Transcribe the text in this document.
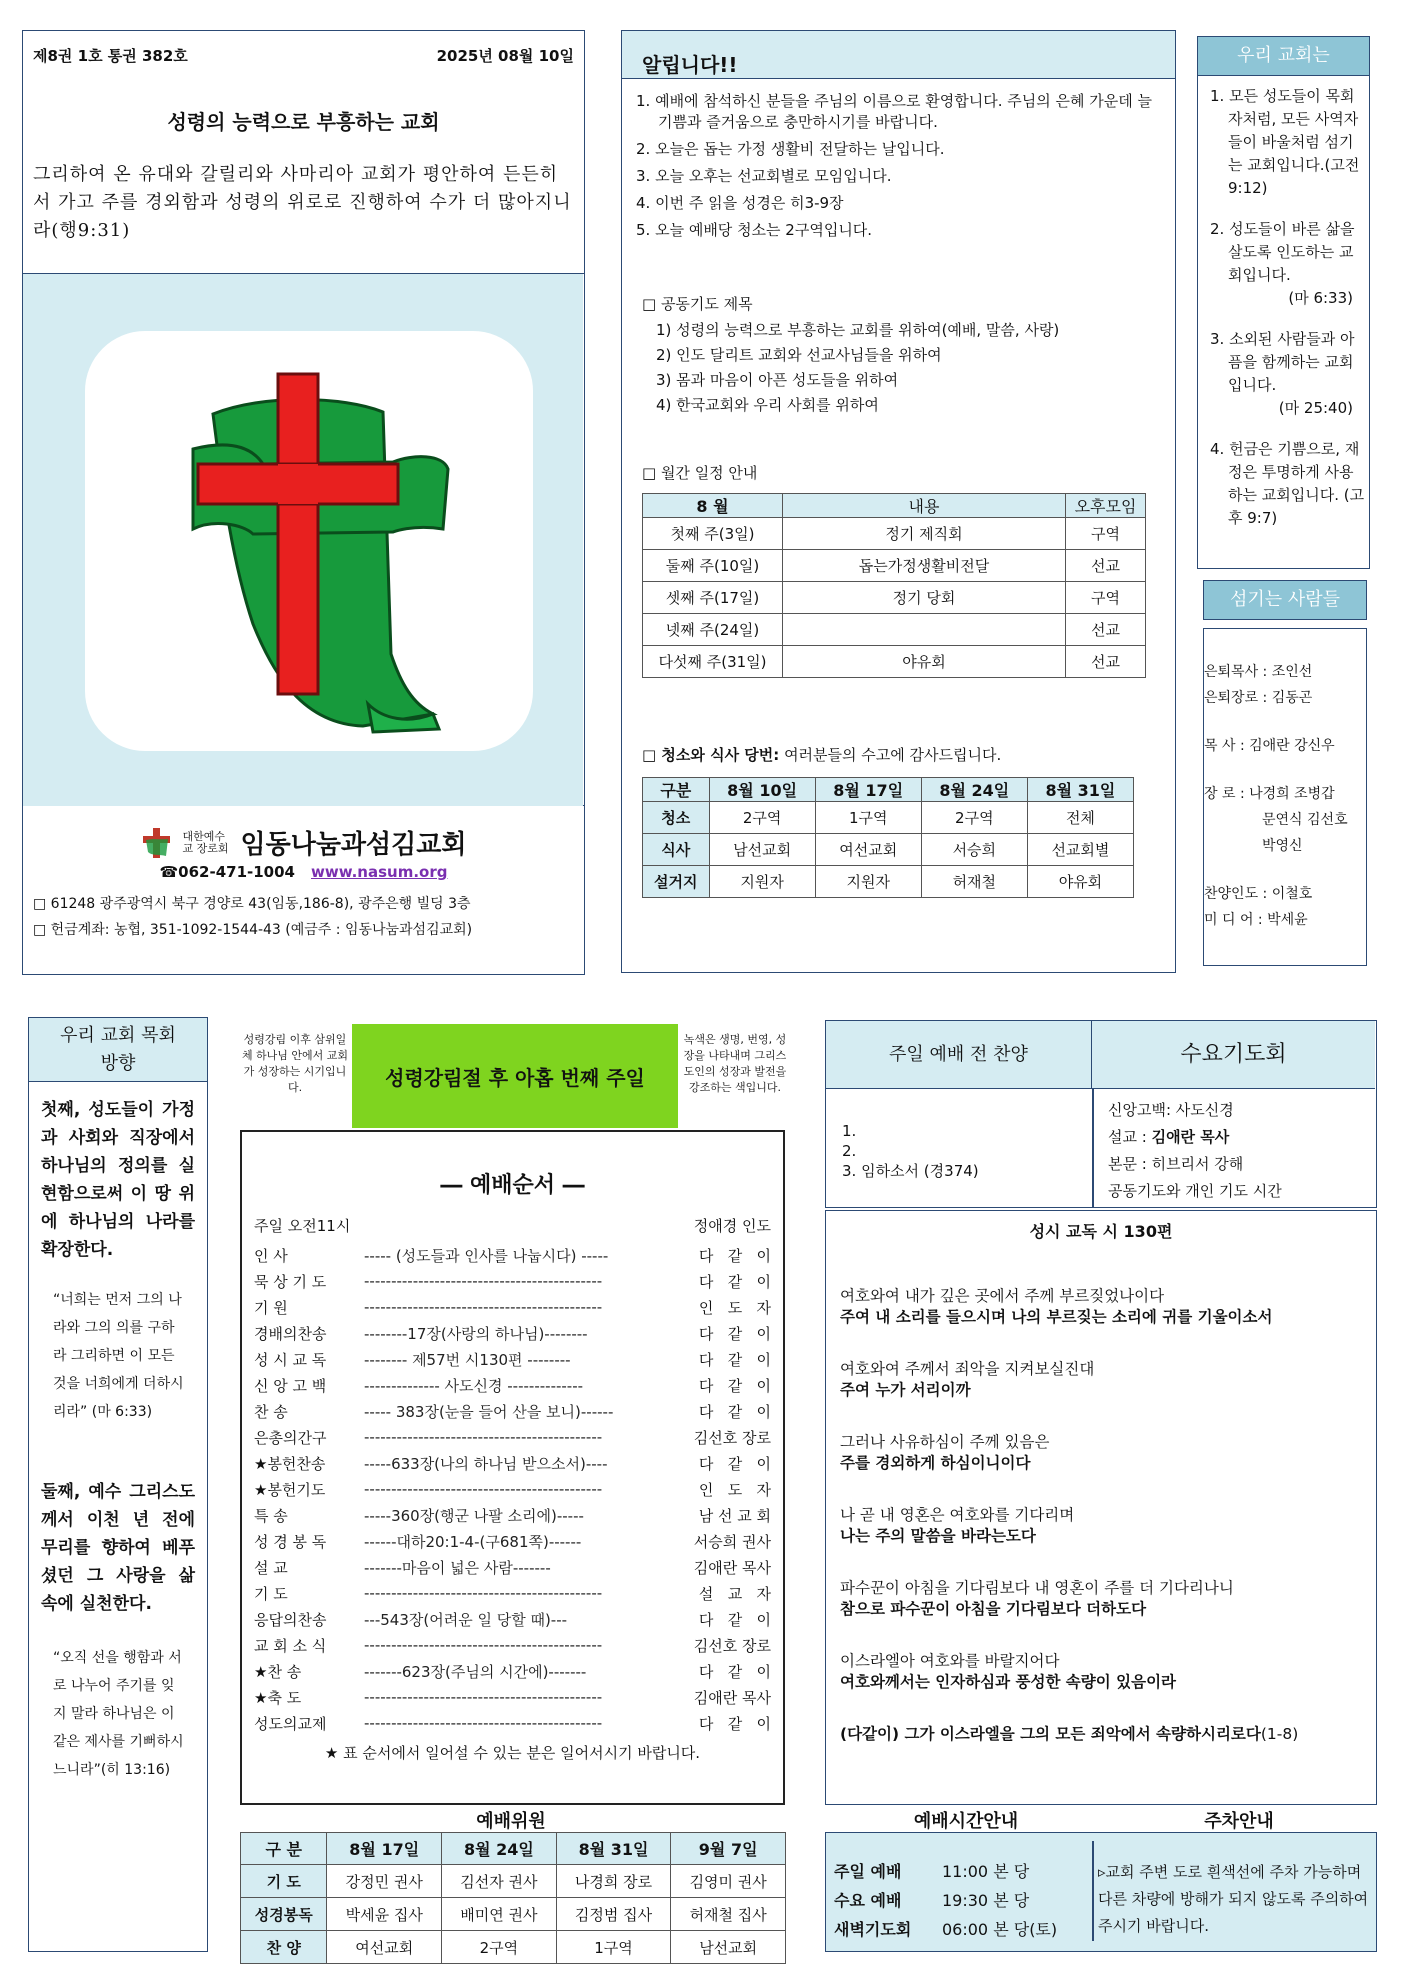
제8권 1호 통권 382호	2025년 08월 10일
성령의 능력으로 부흥하는 교회
그리하여 온 유대와 갈릴리와 사마리아 교회가 평안하여 든든히 서 가고 주를 경외함과 성령의 위로로 진행하여 수가 더 많아지니라(행9:31)
대한예수교 장로회 임동나눔과섬김교회
☎062-471-1004 www.nasum.org
□ 61248 광주광역시 북구 경양로 43(임동,186-8), 광주은행 빌딩 3층
□ 헌금계좌: 농협, 351-1092-1544-43 (예금주 : 임동나눔과섬김교회)
알립니다!!
1. 예배에 참석하신 분들을 주님의 이름으로 환영합니다. 주님의 은혜 가운데 늘 기쁨과 즐거움으로 충만하시기를 바랍니다.
2. 오늘은 돕는 가정 생활비 전달하는 날입니다.
3. 오늘 오후는 선교회별로 모임입니다.
4. 이번 주 읽을 성경은 히3-9장
5. 오늘 예배당 청소는 2구역입니다.
□ 공동기도 제목
1) 성령의 능력으로 부흥하는 교회를 위하여(예배, 말씀, 사랑)
2) 인도 달리트 교회와 선교사님들을 위하여
3) 몸과 마음이 아픈 성도들을 위하여
4) 한국교회와 우리 사회를 위하여
□ 월간 일정 안내
8 월	내용	오후모임
첫째 주(3일)	정기 제직회	구역
둘째 주(10일)	돕는가정생활비전달	선교
셋째 주(17일)	정기 당회	구역
넷째 주(24일)		선교
다섯째 주(31일)	야유회	선교
□ 청소와 식사 당번: 여러분들의 수고에 감사드립니다.
구분	8월 10일	8월 17일	8월 24일	8월 31일
청소	2구역	1구역	2구역	전체
식사	남선교회	여선교회	서승희	선교회별
설거지	지원자	지원자	허재철	야유회
1. 모든 성도들이 목회자처럼, 모든 사역자들이 바울처럼 섬기는 교회입니다.(고전 9:12)
2. 성도들이 바른 삶을 살도록 인도하는 교회입니다.
(마 6:33)
3. 소외된 사람들과 아픔을 함께하는 교회입니다.
(마 25:40)
4. 헌금은 기쁨으로, 재정은 투명하게 사용하는 교회입니다. (고후 9:7)
우리 교회는
섬기는 사람들
은퇴목사 : 조인선
은퇴장로 : 김동곤
목 사 : 김애란 강신우
장 로 : 나경희 조병갑
문연식 김선호
박영신
찬양인도 : 이철호
미 디 어 : 박세윤
우리 교회 목회 방향
첫째, 성도들이 가정과 사회와 직장에서 하나님의 정의를 실현함으로써 이 땅 위에 하나님의 나라를 확장한다.
“너희는 먼저 그의 나라와 그의 의를 구하라 그리하면 이 모든 것을 너희에게 더하시리라” (마 6:33)
둘째, 예수 그리스도께서 이천 년 전에 무리를 향하여 베푸셨던 그 사랑을 삶 속에 실천한다.
“오직 선을 행함과 서로 나누어 주기를 잊지 말라 하나님은 이 같은 제사를 기뻐하시느니라”(히 13:16)
성령강림 이후 삼위일체 하나님 안에서 교회가 성장하는 시기입니다.	성령강림절 후 아홉 번째 주일
녹색은 생명, 번영, 성장을 나타내며 그리스도인의 성장과 발전을 강조하는 색입니다.
― 예배순서 ―
주일 오전11시	정애경 인도
인 사	----- (성도들과 인사를 나눕시다) -----	다   같   이
묵 상 기 도	--------------------------------------------	다   같   이
기 원	--------------------------------------------	인   도   자
경배의찬송	--------17장(사랑의 하나님)--------	다   같   이
성 시 교 독	-------- 제57번 시130편 --------	다   같   이
신 앙 고 백	-------------- 사도신경 --------------	다   같   이
찬 송	----- 383장(눈을 들어 산을 보니)------	다   같   이
은총의간구	--------------------------------------------	김선호 장로
★봉헌찬송	-----633장(나의 하나님 받으소서)----	다   같   이
★봉헌기도	--------------------------------------------	인   도   자
특 송	-----360장(행군 나팔 소리에)-----	남 선 교 회
성 경 봉 독	------대하20:1-4-(구681쪽)------	서승희 권사
설 교	-------마음이 넓은 사람-------	김애란 목사
기 도	--------------------------------------------	설   교   자
응답의찬송	---543장(어려운 일 당할 때)---	다   같   이
교 회 소 식	--------------------------------------------	김선호 장로
★찬 송	-------623장(주님의 시간에)-------	다   같   이
★축 도	--------------------------------------------	김애란 목사
성도의교제	--------------------------------------------	다   같   이
★ 표 순서에서 일어설 수 있는 분은 일어서시기 바랍니다.
예배위원
구 분	8월 17일	8월 24일	8월 31일	9월 7일
기 도	강정민 권사	김선자 권사	나경희 장로	김영미 권사
성경봉독	박세윤 집사	배미연 권사	김정범 집사	허재철 집사
찬 양	여선교회	2구역	1구역	남선교회
주일 예배 전 찬양	수요기도회
1.
2.
3. 임하소서 (경374)
신앙고백: 사도신경
설교 : 김애란 목사
본문 : 히브리서 강해
공동기도와 개인 기도 시간
성시 교독 시 130편
여호와여 내가 깊은 곳에서 주께 부르짖었나이다
주여 내 소리를 들으시며 나의 부르짖는 소리에 귀를 기울이소서
여호와여 주께서 죄악을 지켜보실진대
주여 누가 서리이까
그러나 사유하심이 주께 있음은
주를 경외하게 하심이니이다
나 곧 내 영혼은 여호와를 기다리며
나는 주의 말씀을 바라는도다
파수꾼이 아침을 기다림보다 내 영혼이 주를 더 기다리나니
참으로 파수꾼이 아침을 기다림보다 더하도다
이스라엘아 여호와를 바랄지어다
여호와께서는 인자하심과 풍성한 속량이 있음이라
(다같이) 그가 이스라엘을 그의 모든 죄악에서 속량하시리로다(1-8)
예배시간안내	주차안내
주일 예배	11:00 본 당
수요 예배	19:30 본 당
새벽기도회 06:00 본 당(토)
▹교회 주변 도로 흰색선에 주차 가능하며 다른 차량에 방해가 되지 않도록 주의하여 주시기 바랍니다.
